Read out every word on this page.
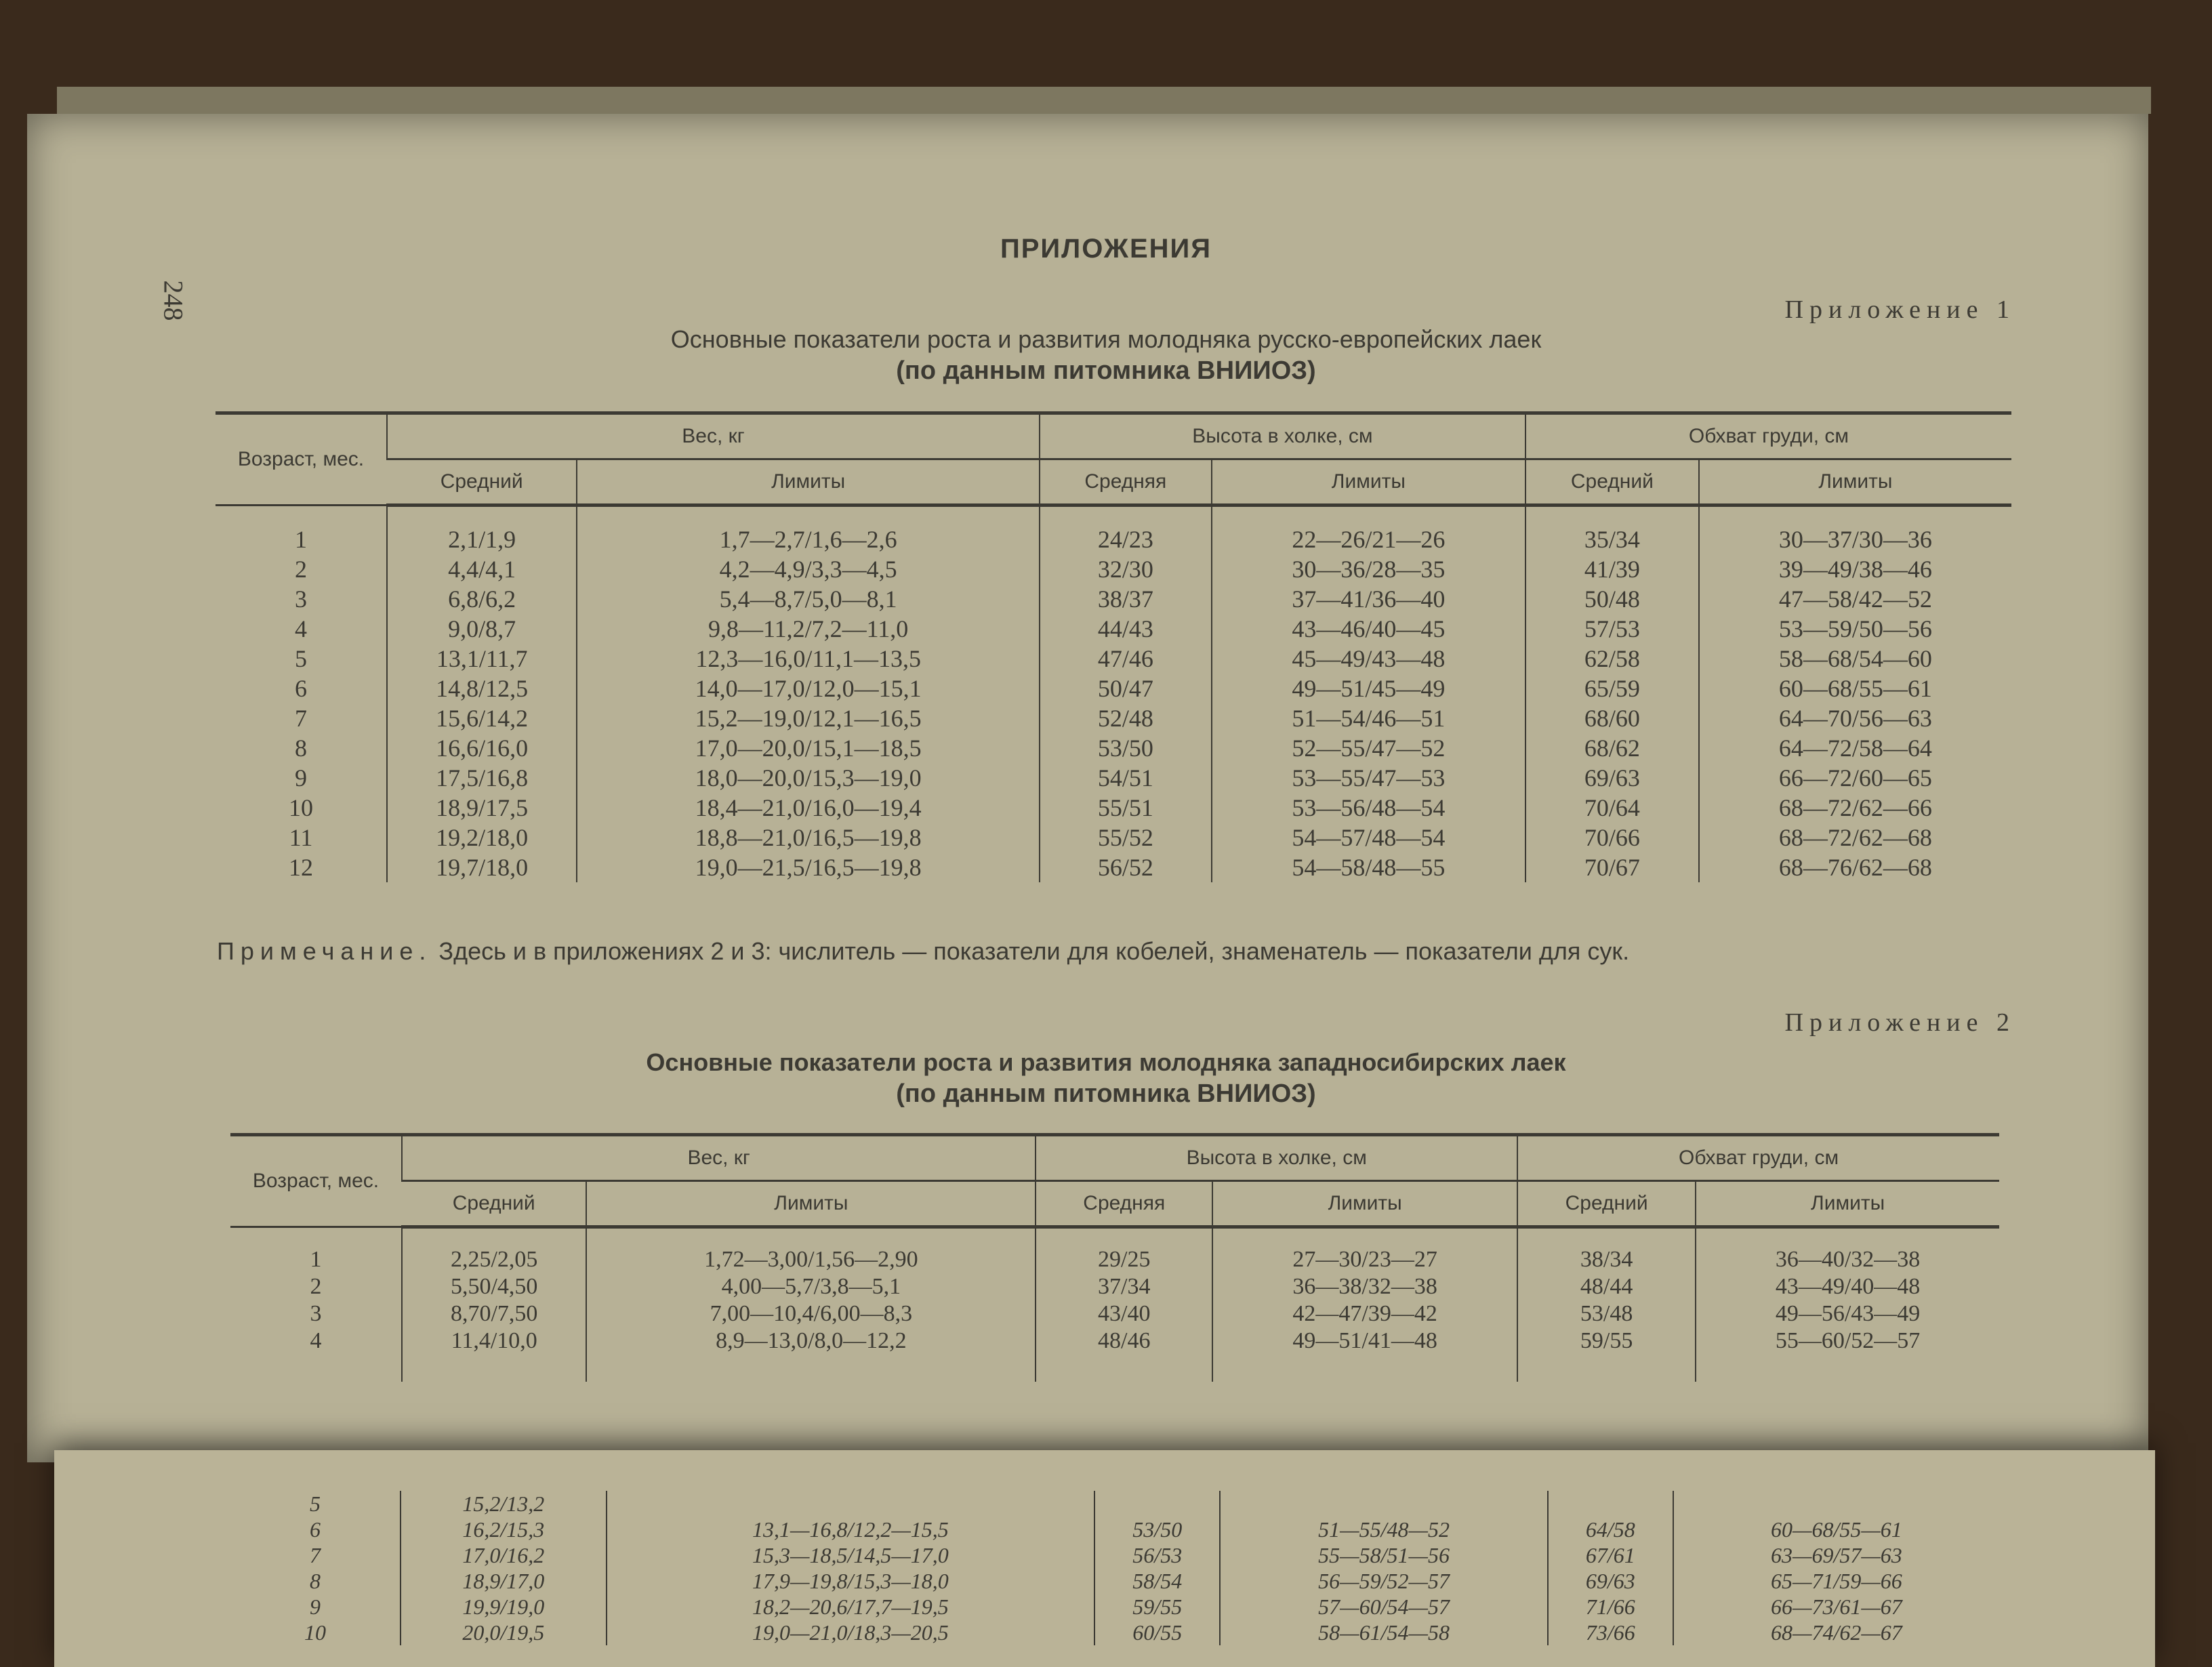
248
ПРИЛОЖЕНИЯ
Приложение 1
Основные показатели роста и развития молодняка русско-европейских лаек
(по данным питомника ВНИИОЗ)
Возраст, мес.	Вес, кг		Высота в холке, см		Обхват груди, см	
	Средний	Лимиты	Средняя	Лимиты	Средний	Лимиты
1	2,1/1,9	1,7—2,7/1,6—2,6	24/23	22—26/21—26	35/34	30—37/30—36
2	4,4/4,1	4,2—4,9/3,3—4,5	32/30	30—36/28—35	41/39	39—49/38—46
3	6,8/6,2	5,4—8,7/5,0—8,1	38/37	37—41/36—40	50/48	47—58/42—52
4	9,0/8,7	9,8—11,2/7,2—11,0	44/43	43—46/40—45	57/53	53—59/50—56
5	13,1/11,7	12,3—16,0/11,1—13,5	47/46	45—49/43—48	62/58	58—68/54—60
6	14,8/12,5	14,0—17,0/12,0—15,1	50/47	49—51/45—49	65/59	60—68/55—61
7	15,6/14,2	15,2—19,0/12,1—16,5	52/48	51—54/46—51	68/60	64—70/56—63
8	16,6/16,0	17,0—20,0/15,1—18,5	53/50	52—55/47—52	68/62	64—72/58—64
9	17,5/16,8	18,0—20,0/15,3—19,0	54/51	53—55/47—53	69/63	66—72/60—65
10	18,9/17,5	18,4—21,0/16,0—19,4	55/51	53—56/48—54	70/64	68—72/62—66
11	19,2/18,0	18,8—21,0/16,5—19,8	55/52	54—57/48—54	70/66	68—72/62—68
12	19,7/18,0	19,0—21,5/16,5—19,8	56/52	54—58/48—55	70/67	68—76/62—68
Примечание. Здесь и в приложениях 2 и 3: числитель — показатели для кобелей, знаменатель — показатели для сук.
Приложение 2
Основные показатели роста и развития молодняка западносибирских лаек
(по данным питомника ВНИИОЗ)
Возраст, мес.	Вес, кг		Высота в холке, см		Обхват груди, см	
	Средний	Лимиты	Средняя	Лимиты	Средний	Лимиты
1	2,25/2,05	1,72—3,00/1,56—2,90	29/25	27—30/23—27	38/34	36—40/32—38
2	5,50/4,50	4,00—5,7/3,8—5,1	37/34	36—38/32—38	48/44	43—49/40—48
3	8,70/7,50	7,00—10,4/6,00—8,3	43/40	42—47/39—42	53/48	49—56/43—49
4	11,4/10,0	8,9—13,0/8,0—12,2	48/46	49—51/41—48	59/55	55—60/52—57
5	15,2/13,2					
6	16,2/15,3	13,1—16,8/12,2—15,5	53/50	51—55/48—52	64/58	60—68/55—61
7	17,0/16,2	15,3—18,5/14,5—17,0	56/53	55—58/51—56	67/61	63—69/57—63
8	18,9/17,0	17,9—19,8/15,3—18,0	58/54	56—59/52—57	69/63	65—71/59—66
9	19,9/19,0	18,2—20,6/17,7—19,5	59/55	57—60/54—57	71/66	66—73/61—67
10	20,0/19,5	19,0—21,0/18,3—20,5	60/55	58—61/54—58	73/66	68—74/62—67
